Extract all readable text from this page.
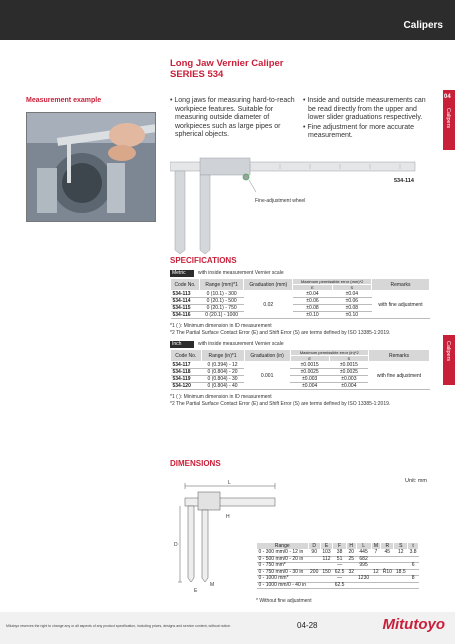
Calipers
04
Calipers
Calipers
Long Jaw Vernier Caliper
SERIES 534
Measurement example	• Long jaws for measuring hard-to-reach workpiece features. Suitable for measuring outside diameter of workpieces such as large pipes or spherical objects.

• Inside and outside measurements can be read directly from the upper and lower slider graduations respectively.

• Fine adjustment for more accurate measurement.

534-114
Fine-adjustment wheel
SPECIFICATIONS
Metric	with inside measurement Vernier scale
Code No.	Range (mm)*1	Graduation (mm)	Maximum permissible error (mm)*2		Remarks
			E	S	
534-113	0 (10.1) - 300	0.02	±0.04	±0.04	with fine adjustment
534-114	0 (20.1) - 500		±0.06	±0.06	
534-115	0 (20.1) - 750		±0.08	±0.08	
534-116	0 (20.1) - 1000		±0.10	±0.10	
*1 ( ): Minimum dimension in ID measurement
*2 The Partial Surface Contact Error (E) and Shift Error (S) are terms defined by ISO 13385-1:2019.
Inch	with inside measurement Vernier scale
Code No.	Range (in)*1	Graduation (in)	Maximum permissible error (in)*2		Remarks
			E	S	
534-117	0 (0.394) - 12	0.001	±0.0015	±0.0015	with fine adjustment
534-118	0 (0.804) - 20		±0.0025	±0.0025	
534-119	0 (0.804) - 30		±0.003	±0.003	
534-120	0 (0.804) - 40		±0.004	±0.004	
*1 ( ): Minimum dimension in ID measurement
*2 The Partial Surface Contact Error (E) and Shift Error (S) are terms defined by ISO 13385-1:2019.
DIMENSIONS
Unit: mm
L
D
H
M
E
Range	D	E	F	H	L	M	R	S	t
0 - 300 mm/0 - 12 in	90	103	38	20	445	7	45	12	3.8
0 - 500 mm/0 - 20 in		112	51	25	682				
0 - 750 mm*			—		995				6
0 - 750 mm/0 - 30 in	200	150	62.5	32		12	Ř10	18.5	
0 - 1000 mm*			—		1230				8
0 - 1000 mm/0 - 40 in			62.5						
* Without fine adjustment
Mitutoyo reserves the right to change any or all aspects of any product specification, including prices, designs and service content, without notice.	04-28	Mitutoyo
